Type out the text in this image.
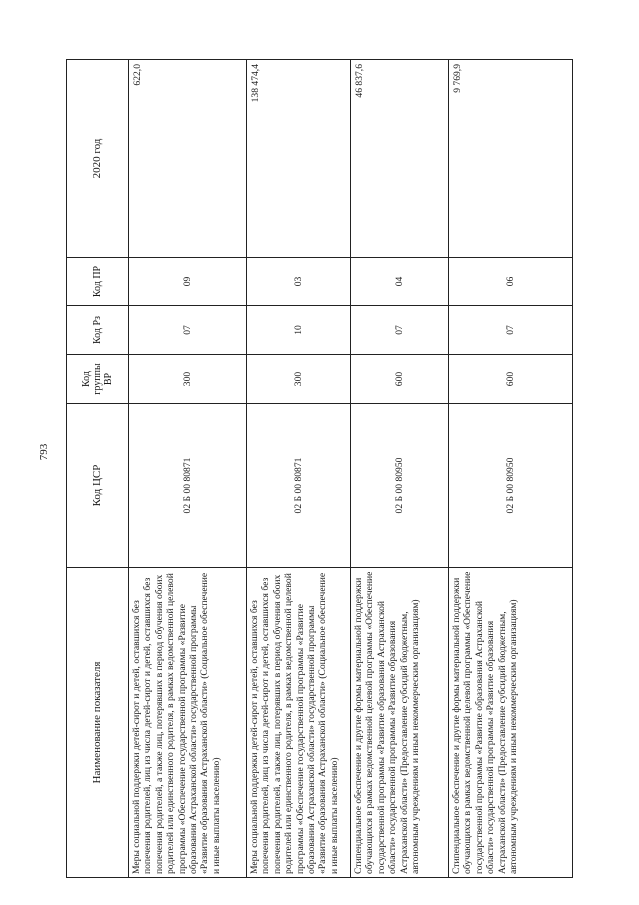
793
Наименование показателя	Код ЦСР	Код группы ВР	Код Рз	Код ПР	2020 год
Меры социальной поддержки детей-сирот и детей, оставшихся без попечения родителей, лиц из числа детей-сирот и детей, оставшихся без попечения родителей, а также лиц, потерявших в период обучения обоих родителей или единственного родителя, в рамках ведомственной целевой программы «Обеспечение государственной программы «Развитие образования Астраханской области» государственной программы «Развитие образования Астраханской области» (Социальное обеспечение и иные выплаты населению)	02 Б 00 80871	300	07	09	622,0
Меры социальной поддержки детей-сирот и детей, оставшихся без попечения родителей, лиц из числа детей-сирот и детей, оставшихся без попечения родителей, а также лиц, потерявших в период обучения обоих родителей или единственного родителя, в рамках ведомственной целевой программы «Обеспечение государственной программы «Развитие образования Астраханской области» государственной программы «Развитие образования Астраханской области» (Социальное обеспечение и иные выплаты населению)	02 Б 00 80871	300	10	03	138 474,4
Стипендиальное обеспечение и другие формы материальной поддержки обучающихся в рамках ведомственной целевой программы «Обеспечение государственной программы «Развитие образования Астраханской области» государственной программы «Развитие образования Астраханской области» (Предоставление субсидий бюджетным, автономным учреждениям и иным некоммерческим организациям)	02 Б 00 80950	600	07	04	46 837,6
Стипендиальное обеспечение и другие формы материальной поддержки обучающихся в рамках ведомственной целевой программы «Обеспечение государственной программы «Развитие образования Астраханской области» государственной программы «Развитие образования Астраханской области» (Предоставление субсидий бюджетным, автономным учреждениям и иным некоммерческим организациям)	02 Б 00 80950	600	07	06	9 769,9
